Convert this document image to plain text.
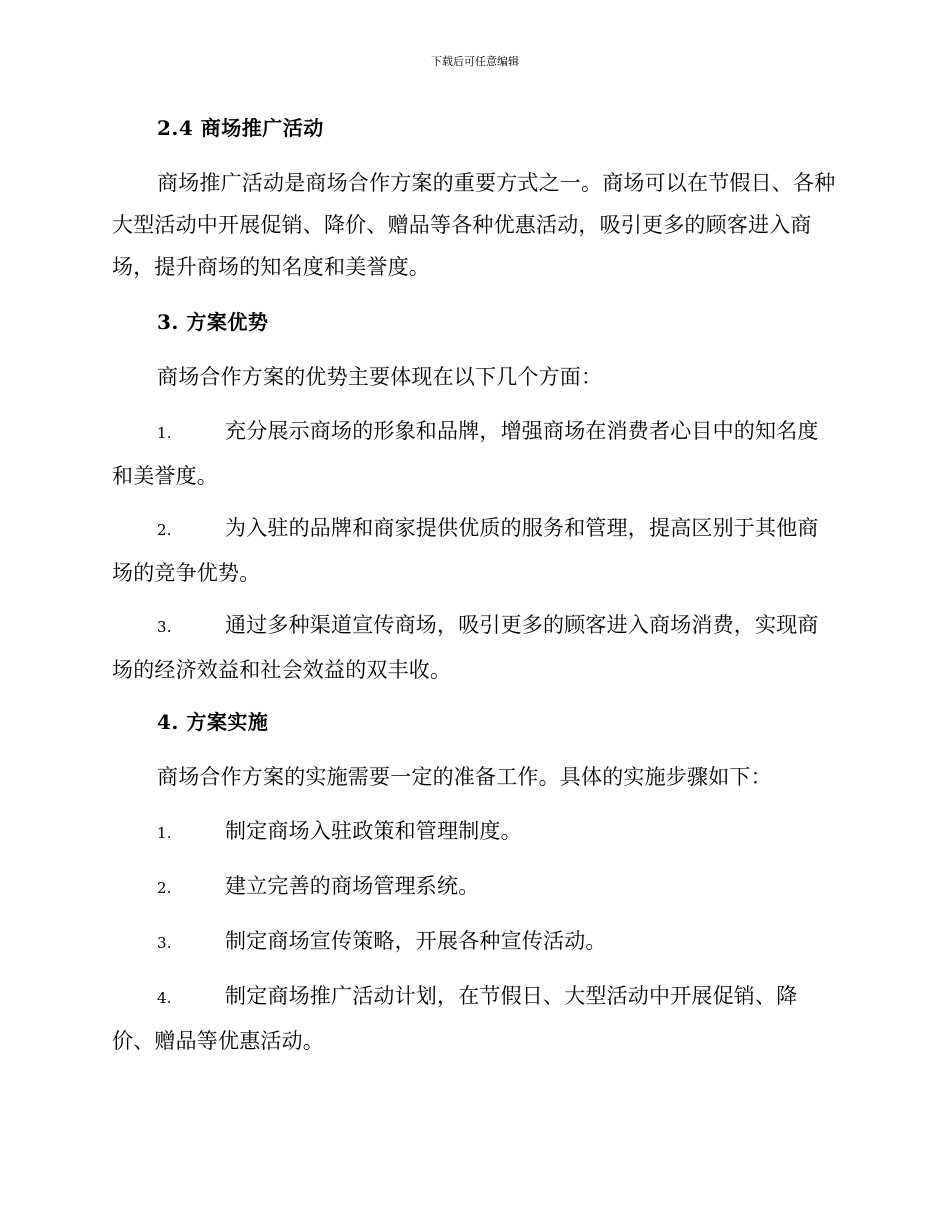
下载后可任意编辑
2.4 商场推广活动
商场推广活动是商场合作方案的重要方式之一。商场可以在节假日、各种大型活动中开展促销、降价、赠品等各种优惠活动，吸引更多的顾客进入商场，提升商场的知名度和美誉度。
3. 方案优势
商场合作方案的优势主要体现在以下几个方面：
1.	充分展示商场的形象和品牌，增强商场在消费者心目中的知名度和美誉度。
2.	为入驻的品牌和商家提供优质的服务和管理，提高区别于其他商场的竞争优势。
3.	通过多种渠道宣传商场，吸引更多的顾客进入商场消费，实现商场的经济效益和社会效益的双丰收。
4. 方案实施
商场合作方案的实施需要一定的准备工作。具体的实施步骤如下：
1.	制定商场入驻政策和管理制度。
2.	建立完善的商场管理系统。
3.	制定商场宣传策略，开展各种宣传活动。
4.	制定商场推广活动计划，在节假日、大型活动中开展促销、降价、赠品等优惠活动。
